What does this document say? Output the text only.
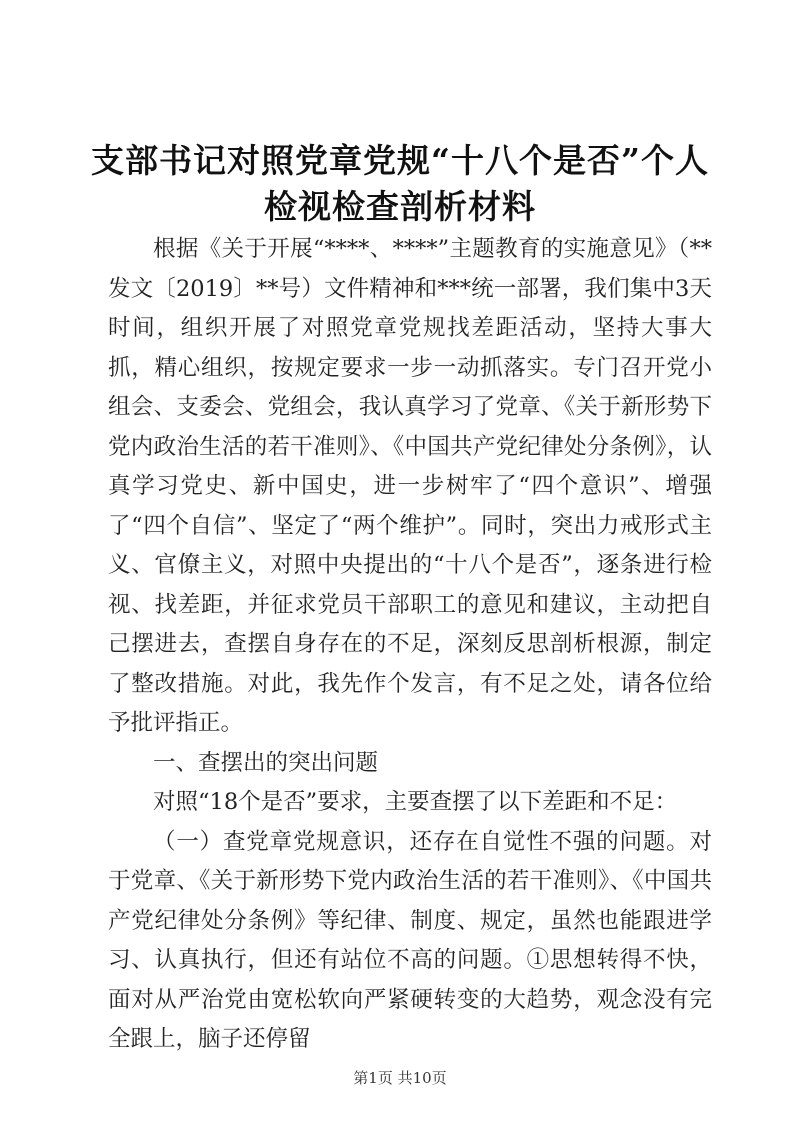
支部书记对照党章党规“十八个是否”个人检视检查剖析材料

根据《关于开展“****、****”主题教育的实施意见》（**发文〔2019〕**号）文件精神和***统一部署，我们集中3天时间，组织开展了对照党章党规找差距活动，坚持大事大抓，精心组织，按规定要求一步一动抓落实。专门召开党小组会、支委会、党组会，我认真学习了党章、《关于新形势下党内政治生活的若干准则》、《中国共产党纪律处分条例》，认真学习党史、新中国史，进一步树牢了“四个意识”、增强了“四个自信”、坚定了“两个维护”。同时，突出力戒形式主义、官僚主义，对照中央提出的“十八个是否”，逐条进行检视、找差距，并征求党员干部职工的意见和建议，主动把自己摆进去，查摆自身存在的不足，深刻反思剖析根源，制定了整改措施。对此，我先作个发言，有不足之处，请各位给予批评指正。

一、查摆出的突出问题

对照“18个是否”要求，主要查摆了以下差距和不足：

（一）查党章党规意识，还存在自觉性不强的问题。对于党章、《关于新形势下党内政治生活的若干准则》、《中国共产党纪律处分条例》等纪律、制度、规定，虽然也能跟进学习、认真执行，但还有站位不高的问题。①思想转得不快，面对从严治党由宽松软向严紧硬转变的大趋势，观念没有完全跟上，脑子还停留

第1页 共10页
